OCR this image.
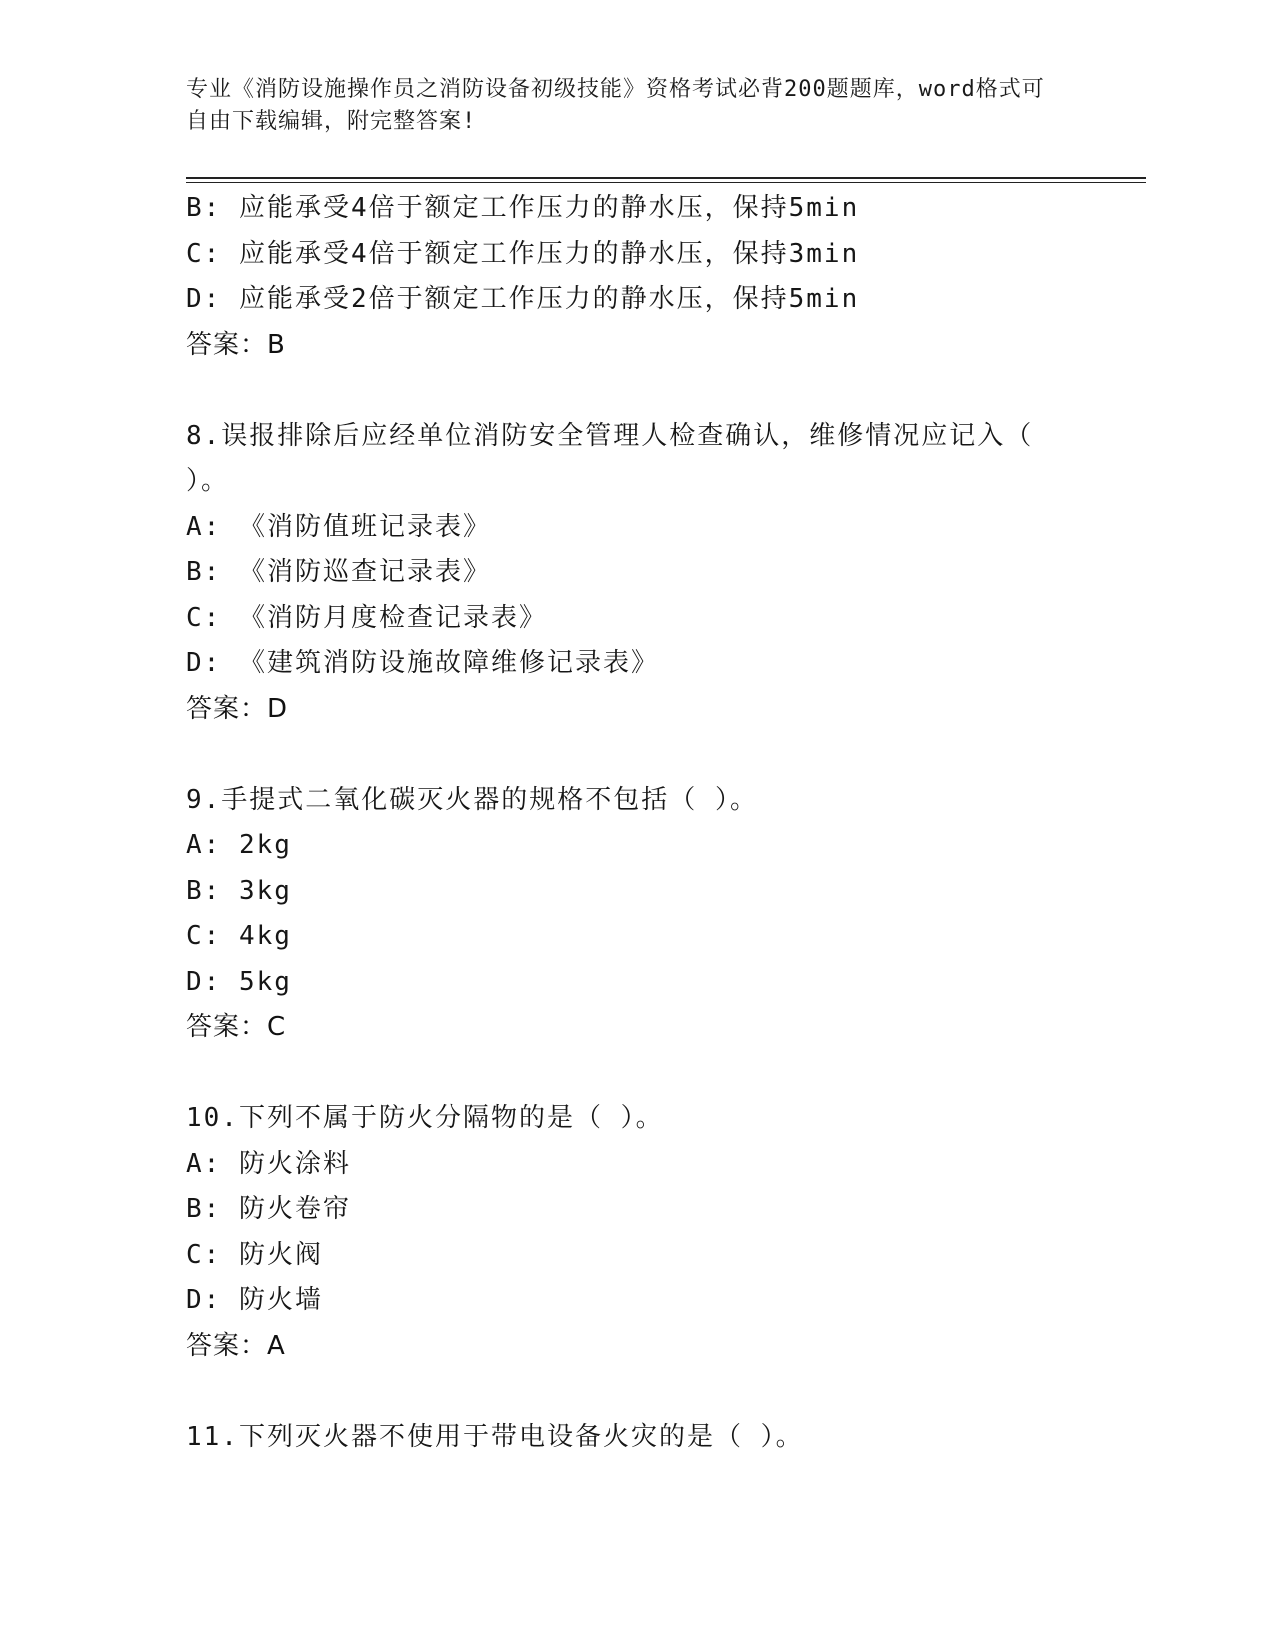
专业《消防设施操作员之消防设备初级技能》资格考试必背200题题库，word格式可自由下载编辑，附完整答案!
B: 应能承受4倍于额定工作压力的静水压，保持5min
C: 应能承受4倍于额定工作压力的静水压，保持3min
D: 应能承受2倍于额定工作压力的静水压，保持5min
答案：B
8.误报排除后应经单位消防安全管理人检查确认，维修情况应记入（ ）。
A: 《消防值班记录表》
B: 《消防巡查记录表》
C: 《消防月度检查记录表》
D: 《建筑消防设施故障维修记录表》
答案：D
9.手提式二氧化碳灭火器的规格不包括（ ）。
A: 2kg
B: 3kg
C: 4kg
D: 5kg
答案：C
10.下列不属于防火分隔物的是（ ）。
A: 防火涂料
B: 防火卷帘
C: 防火阀
D: 防火墙
答案：A
11.下列灭火器不使用于带电设备火灾的是（ ）。
